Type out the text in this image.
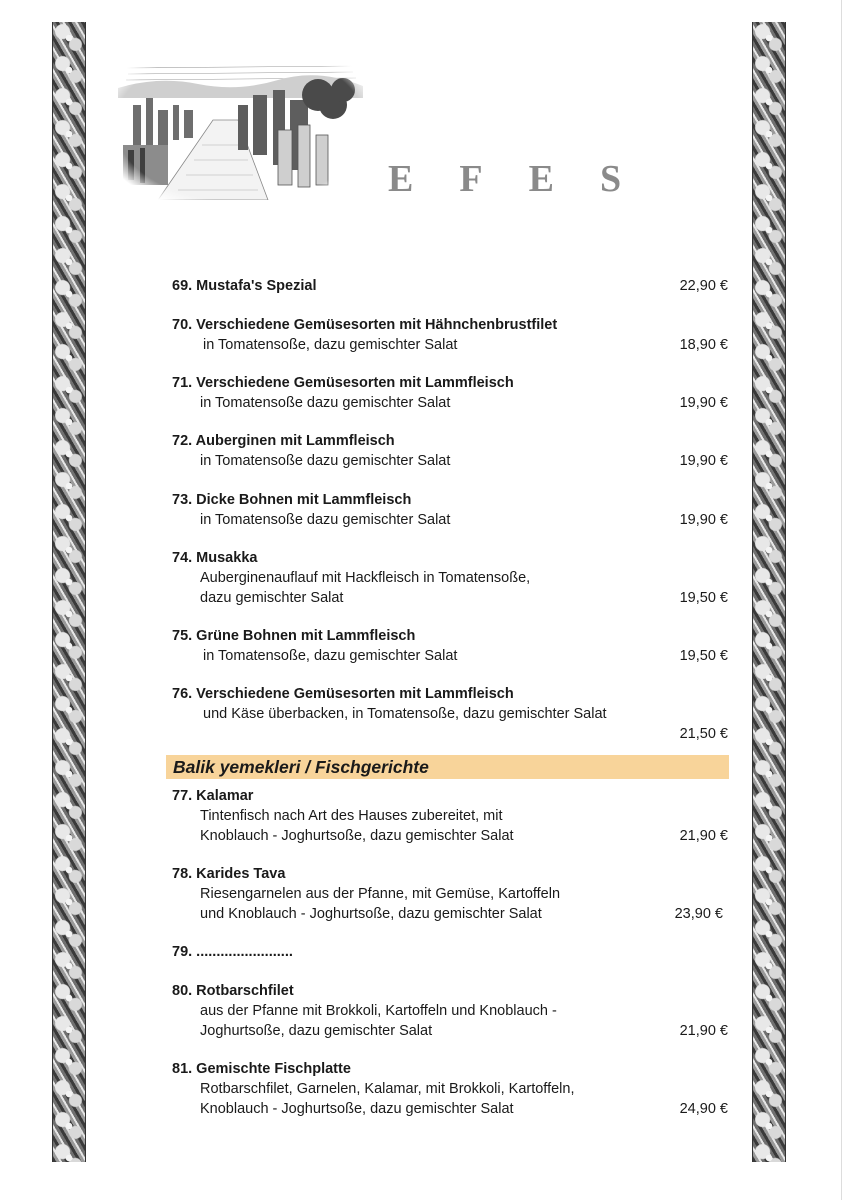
E F E S
69. Mustafa's Spezial	22,90 €
70. Verschiedene Gemüsesorten mit Hähnchenbrustfilet
in Tomatensoße, dazu gemischter Salat	18,90 €
71. Verschiedene Gemüsesorten mit Lammfleisch
in Tomatensoße dazu gemischter Salat	19,90 €
72. Auberginen mit Lammfleisch
in Tomatensoße dazu gemischter Salat	19,90 €
73. Dicke Bohnen mit Lammfleisch
in Tomatensoße dazu gemischter Salat	19,90 €
74. Musakka
Auberginenauflauf mit Hackfleisch in Tomatensoße,
dazu gemischter Salat	19,50 €
75. Grüne Bohnen mit Lammfleisch
in Tomatensoße, dazu gemischter Salat	19,50 €
76. Verschiedene Gemüsesorten mit Lammfleisch
und Käse überbacken, in Tomatensoße, dazu gemischter Salat
21,50 €
Balik yemekleri / Fischgerichte
77. Kalamar
Tintenfisch nach Art des Hauses zubereitet, mit
Knoblauch - Joghurtsoße, dazu gemischter Salat	21,90 €
78. Karides Tava
Riesengarnelen aus der Pfanne, mit Gemüse, Kartoffeln
und Knoblauch - Joghurtsoße, dazu gemischter Salat	23,90 €
79. ........................
80. Rotbarschfilet
aus der Pfanne mit Brokkoli, Kartoffeln und Knoblauch -
Joghurtsoße, dazu gemischter Salat	21,90 €
81. Gemischte Fischplatte
Rotbarschfilet, Garnelen, Kalamar, mit Brokkoli, Kartoffeln,
Knoblauch - Joghurtsoße, dazu gemischter Salat	24,90 €
